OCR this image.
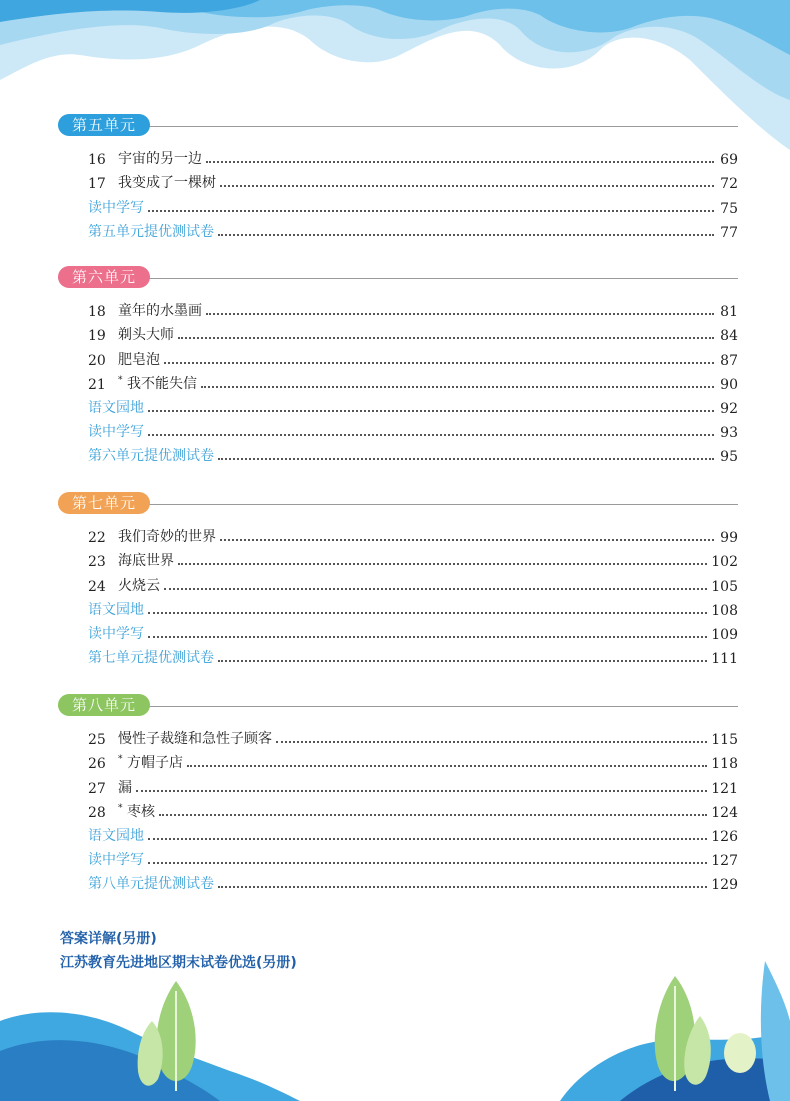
第五单元
16 宇宙的另一边	69
17 我变成了一棵树	72
读中学写	75
第五单元提优测试卷	77
第六单元
18 童年的水墨画	81
19 剃头大师	84
20 肥皂泡	87
21	* 我不能失信	90
语文园地	92
读中学写	93
第六单元提优测试卷	95
第七单元
22 我们奇妙的世界	99
23 海底世界	102
24 火烧云	105
语文园地	108
读中学写	109
第七单元提优测试卷	111
第八单元
25 慢性子裁缝和急性子顾客	115
26	* 方帽子店	118
27 漏	121
28	* 枣核	124
语文园地	126
读中学写	127
第八单元提优测试卷	129
答案详解(另册)
江苏教育先进地区期末试卷优选(另册)
